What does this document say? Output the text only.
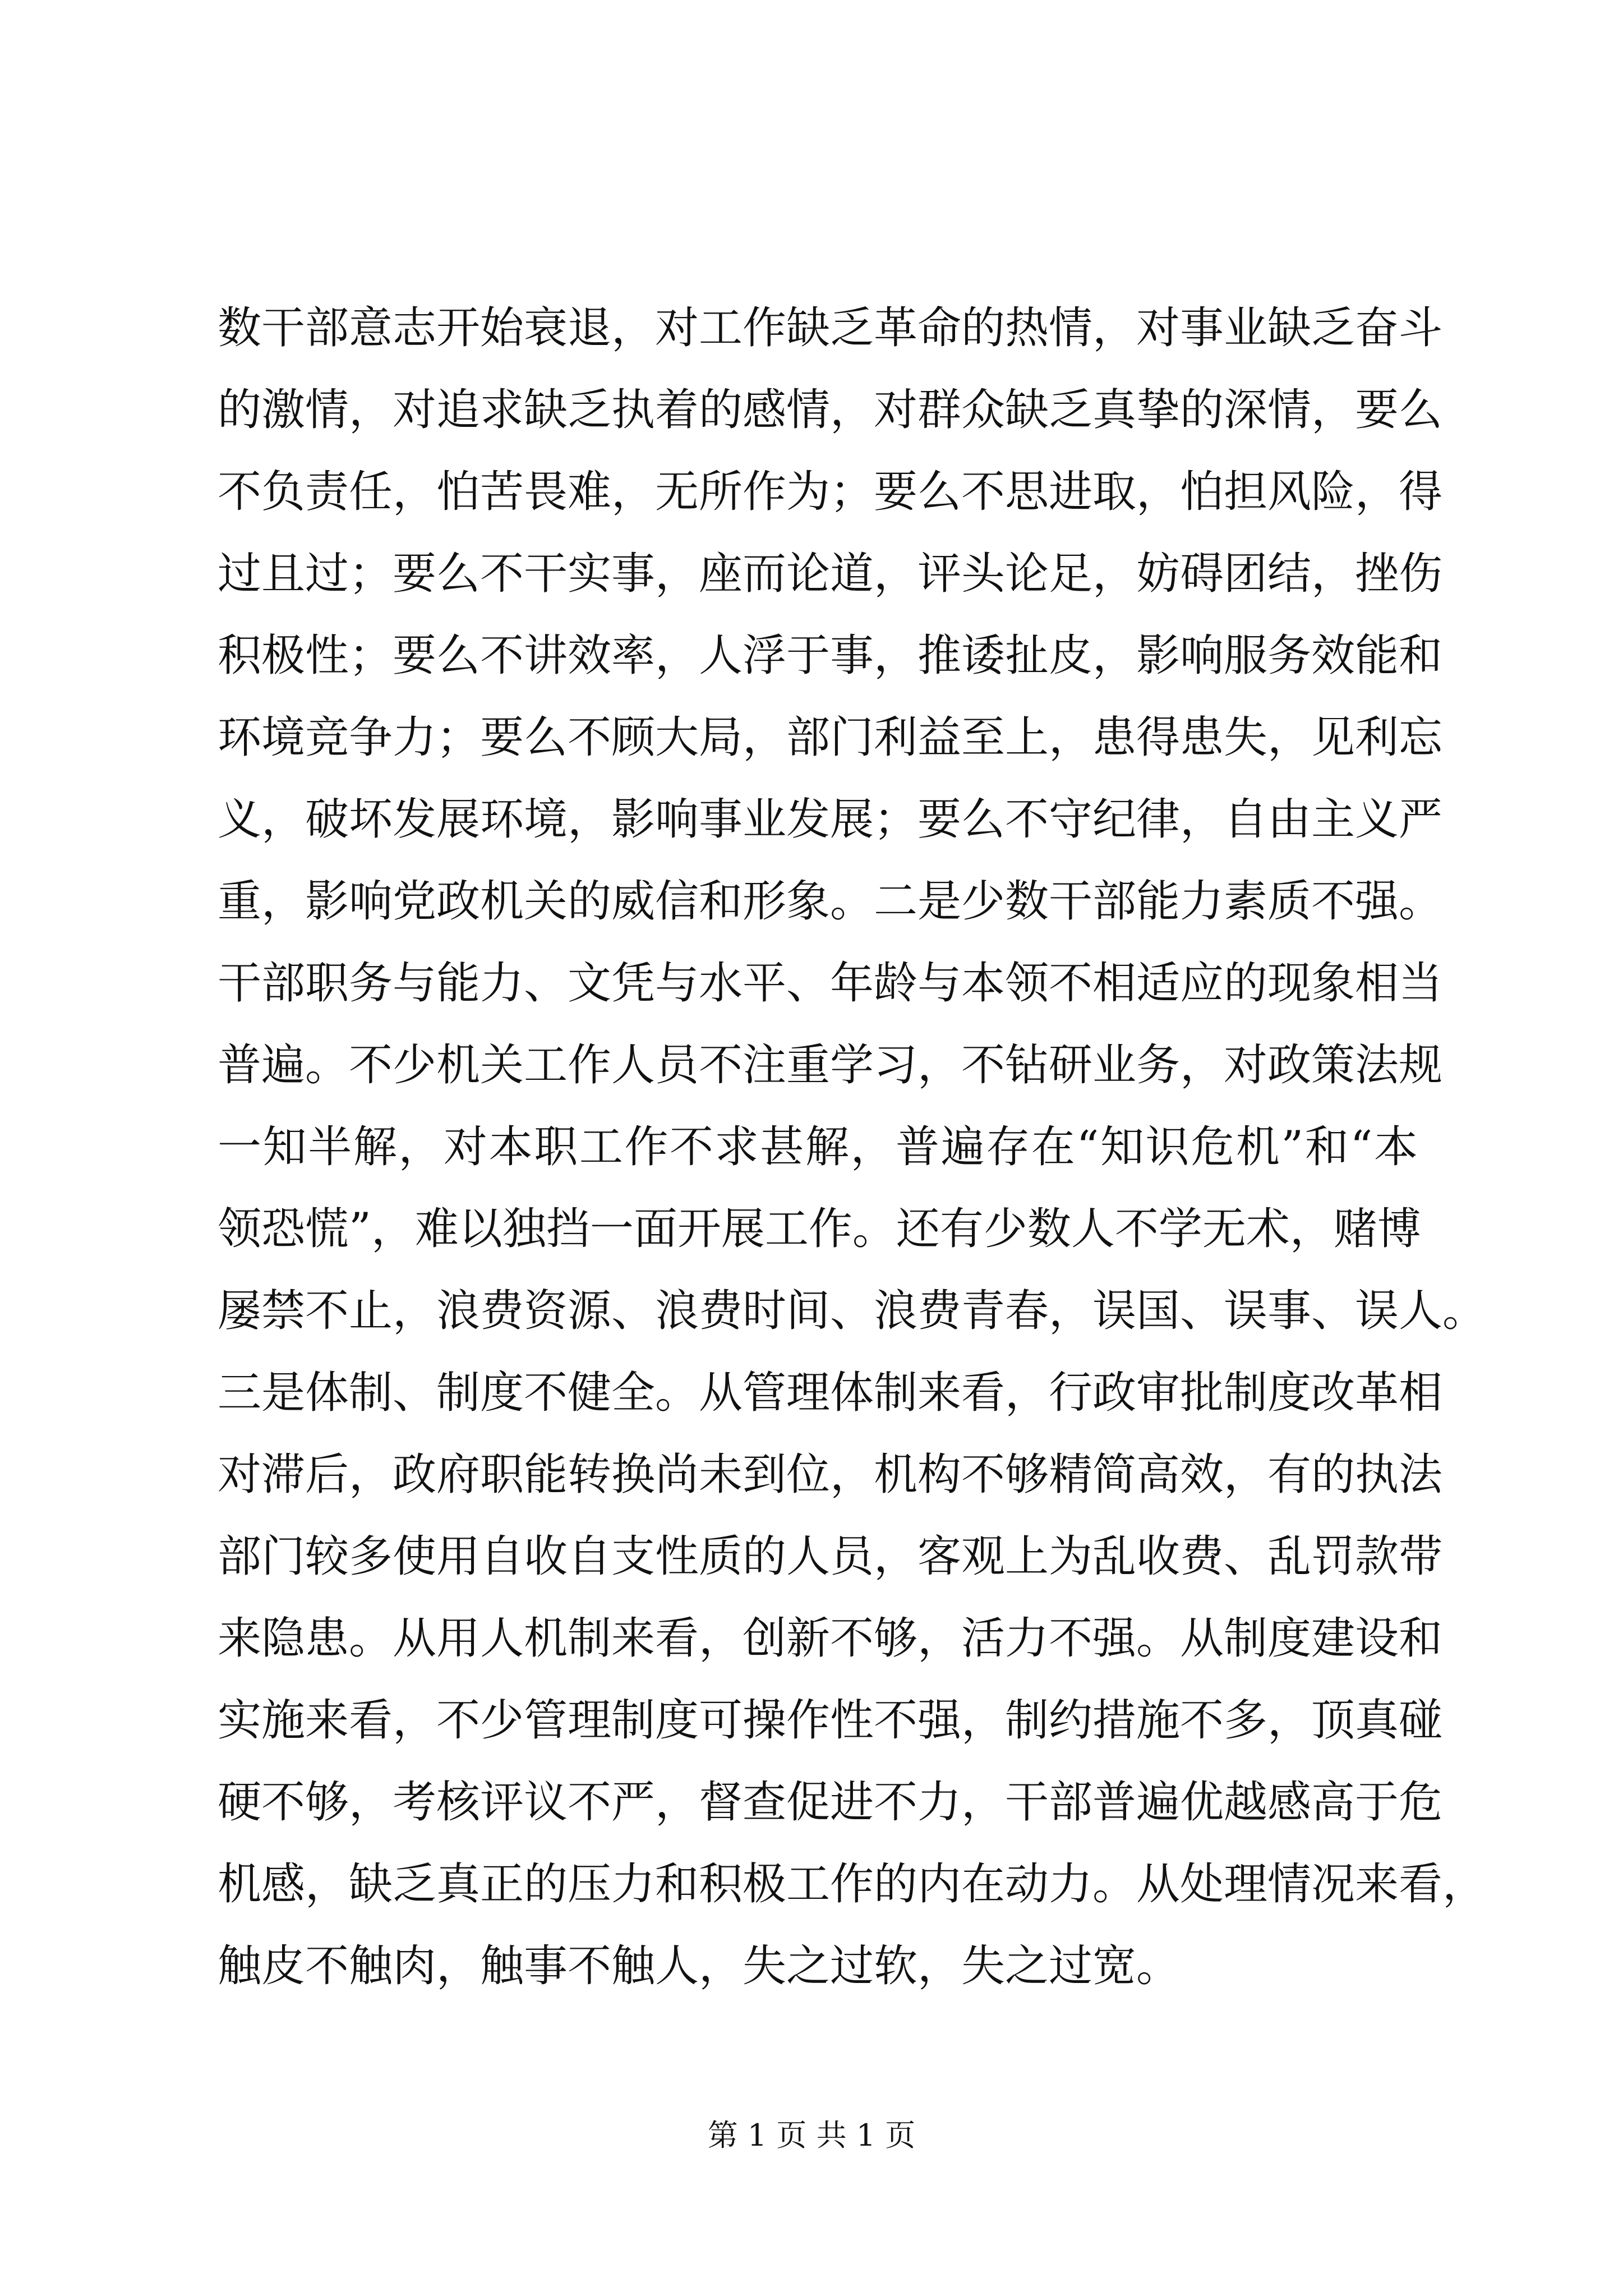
数干部意志开始衰退，对工作缺乏革命的热情，对事业缺乏奋斗
的激情，对追求缺乏执着的感情，对群众缺乏真挚的深情，要么
不负责任，怕苦畏难，无所作为；要么不思进取，怕担风险，得
过且过；要么不干实事，座而论道，评头论足，妨碍团结，挫伤
积极性；要么不讲效率，人浮于事，推诿扯皮，影响服务效能和
环境竞争力；要么不顾大局，部门利益至上，患得患失，见利忘
义，破坏发展环境，影响事业发展；要么不守纪律，自由主义严
重，影响党政机关的威信和形象。二是少数干部能力素质不强。
干部职务与能力、文凭与水平、年龄与本领不相适应的现象相当
普遍。不少机关工作人员不注重学习，不钻研业务，对政策法规
一知半解，对本职工作不求甚解，普遍存在“知识危机”和“本
领恐慌”，难以独挡一面开展工作。还有少数人不学无术，赌博
屡禁不止，浪费资源、浪费时间、浪费青春，误国、误事、误人。
三是体制、制度不健全。从管理体制来看，行政审批制度改革相
对滞后，政府职能转换尚未到位，机构不够精简高效，有的执法
部门较多使用自收自支性质的人员，客观上为乱收费、乱罚款带
来隐患。从用人机制来看，创新不够，活力不强。从制度建设和
实施来看，不少管理制度可操作性不强，制约措施不多，顶真碰
硬不够，考核评议不严，督查促进不力，干部普遍优越感高于危
机感，缺乏真正的压力和积极工作的内在动力。从处理情况来看，
触皮不触肉，触事不触人，失之过软，失之过宽。
第 1 页 共 1 页
